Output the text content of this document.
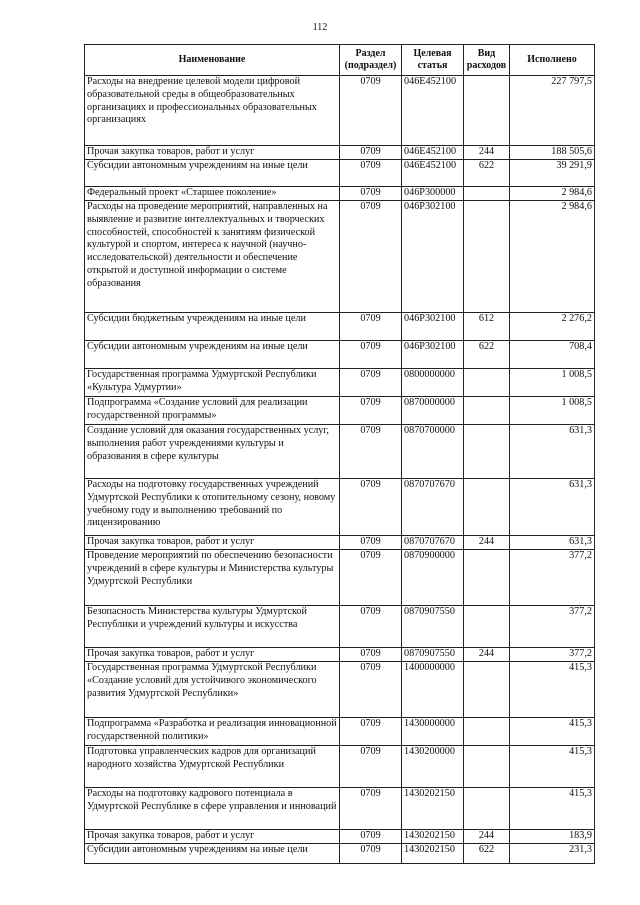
112
Наименование	Раздел (подраздел)	Целевая статья	Вид расходов	Исполнено
Расходы на внедрение целевой модели цифровой образовательной среды в общеобразовательных организациях и профессиональных образовательных организациях	0709	046E452100		227 797,5
Прочая закупка товаров, работ и услуг	0709	046E452100	244	188 505,6
Субсидии автономным учреждениям на иные цели	0709	046E452100	622	39 291,9
Федеральный проект «Старшее поколение»	0709	046P300000		2 984,6
Расходы на проведение мероприятий, направленных на выявление и развитие интеллектуальных и творческих способностей, способностей к занятиям физической культурой и спортом, интереса к научной (научно-исследовательской) деятельности и обеспечение открытой и доступной информации о системе образования	0709	046P302100		2 984,6
Субсидии бюджетным учреждениям на иные цели	0709	046P302100	612	2 276,2
Субсидии автономным учреждениям на иные цели	0709	046P302100	622	708,4
Государственная программа Удмуртской Республики «Культура Удмуртии»	0709	0800000000		1 008,5
Подпрограмма «Создание условий для реализации государственной программы»	0709	0870000000		1 008,5
Создание условий для оказания государственных услуг, выполнения работ учреждениями культуры и образования в сфере культуры	0709	0870700000		631,3
Расходы на подготовку государственных учреждений Удмуртской Республики к отопительному сезону, новому учебному году и выполнению требований по лицензированию	0709	0870707670		631,3
Прочая закупка товаров, работ и услуг	0709	0870707670	244	631,3
Проведение мероприятий по обеспечению безопасности учреждений в сфере культуры и Министерства культуры Удмуртской Республики	0709	0870900000		377,2
Безопасность Министерства культуры Удмуртской Республики и учреждений культуры и искусства	0709	0870907550		377,2
Прочая закупка товаров, работ и услуг	0709	0870907550	244	377,2
Государственная программа Удмуртской Республики «Создание условий для устойчивого экономического развития Удмуртской Республики»	0709	1400000000		415,3
Подпрограмма «Разработка и реализация инновационной государственной политики»	0709	1430000000		415,3
Подготовка управленческих кадров для организаций народного хозяйства Удмуртской Республики	0709	1430200000		415,3
Расходы на подготовку кадрового потенциала в Удмуртской Республике в сфере управления и инноваций	0709	1430202150		415,3
Прочая закупка товаров, работ и услуг	0709	1430202150	244	183,9
Субсидии автономным учреждениям на иные цели	0709	1430202150	622	231,3
